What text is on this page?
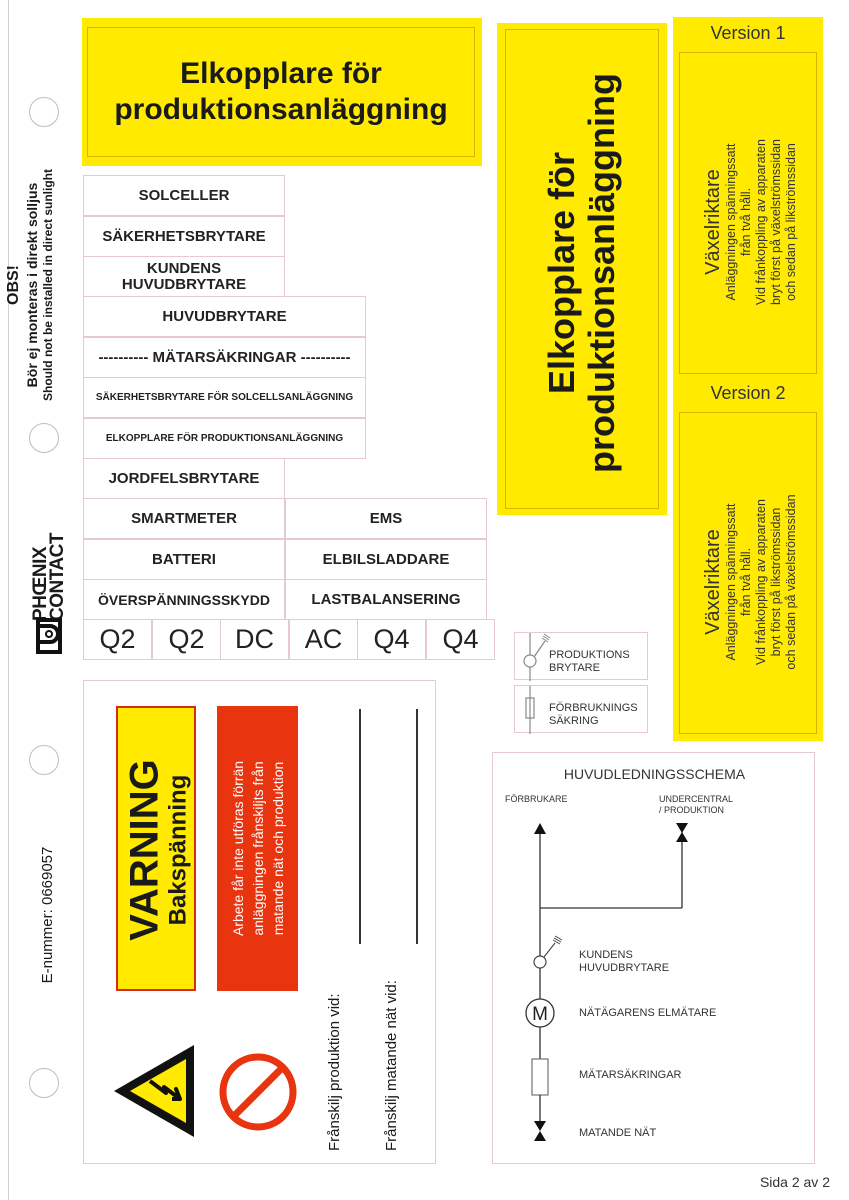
OBS! Bör ej monteras i direkt solljus Should not be installed in direct sunlight
PHŒNIX
CONTACT
E-nummer: 0669057
Elkopplare för
produktionsanläggning
SOLCELLER
SÄKERHETSBRYTARE
KUNDENS HUVUDBRYTARE
HUVUDBRYTARE
---------- MÄTARSÄKRINGAR ----------
SÄKERHETSBRYTARE FÖR SOLCELLSANLÄGGNING
ELKOPPLARE FÖR PRODUKTIONSANLÄGGNING
JORDFELSBRYTARE
SMARTMETER	EMS
BATTERI	ELBILSLADDARE
ÖVERSPÄNNINGSSKYDD	LASTBALANSERING
Q2	Q2	DC	AC	Q4	Q4
Elkopplare för produktionsanläggning
Version 1
Växelriktare Anläggningen spänningssatt från två håll. Vid frånkoppling av apparaten bryt först på växelströmssidan och sedan på likströmssidan
Version 2
Växelriktare Anläggningen spänningssatt från två håll. Vid frånkoppling av apparaten bryt först på likströmssidan och sedan på växelströmssidan
PRODUKTIONS
BRYTARE
FÖRBRUKNINGS
SÄKRING
VARNING
Bakspänning	Arbete får inte utföras förrän anläggningen frånskiljts från matande nät och produktion
Frånskilj produktion vid:	Frånskilj matande nät vid:
HUVUDLEDNINGSSCHEMA
FÖRBRUKARE	UNDERCENTRAL
/ PRODUKTION
M
KUNDENS
HUVUDBRYTARE
NÄTÄGARENS ELMÄTARE
MÄTARSÄKRINGAR
MATANDE NÄT
Sida 2 av 2
